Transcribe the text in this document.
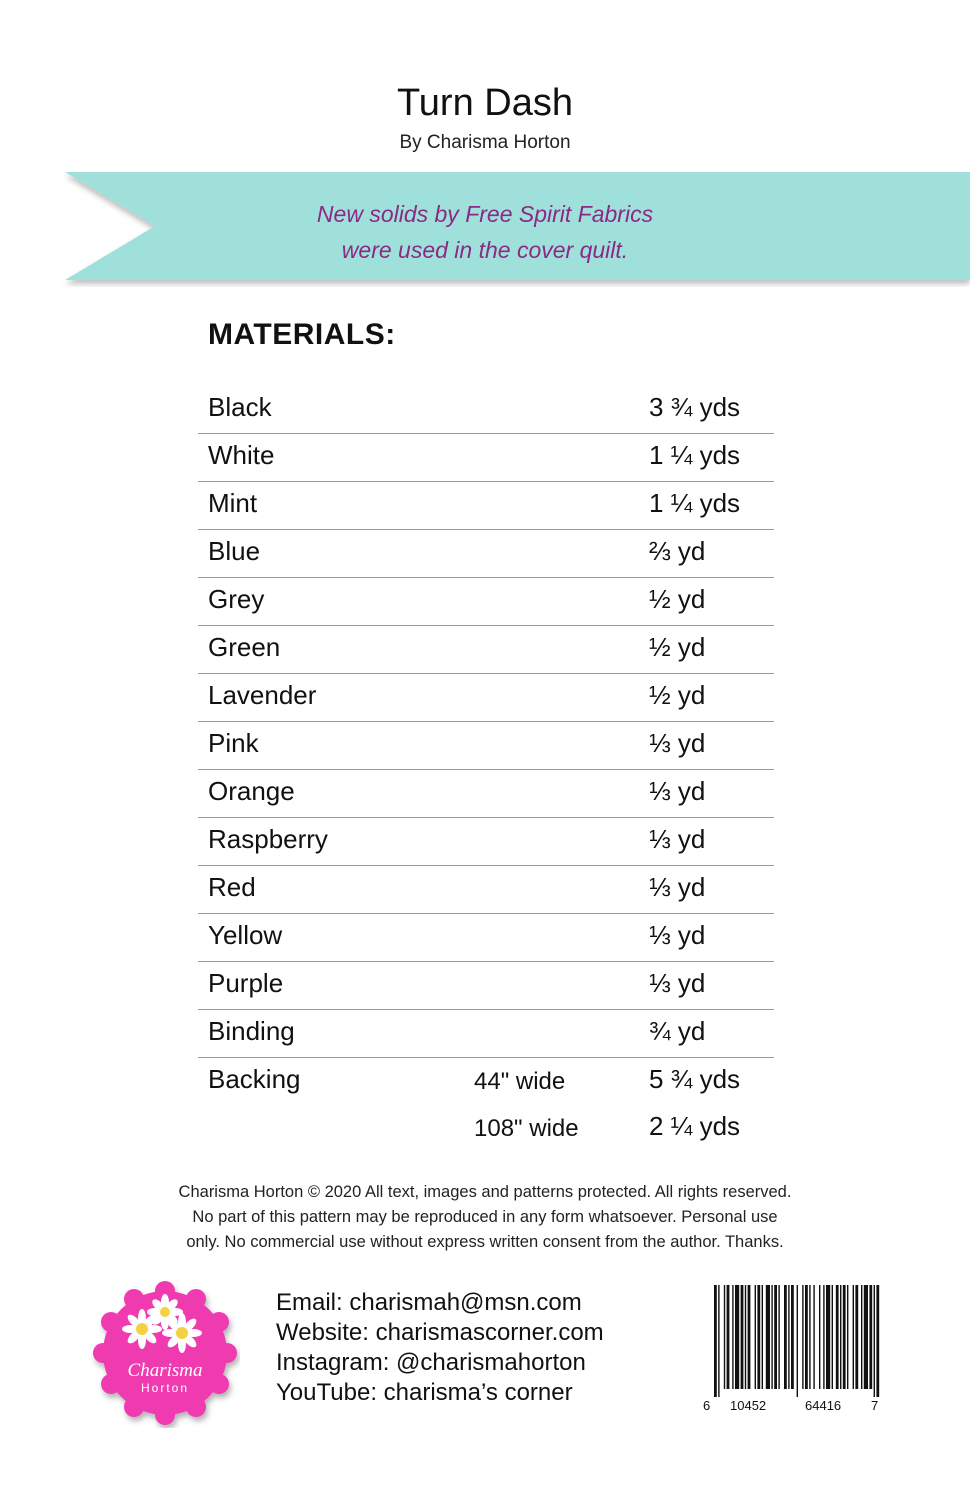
Turn Dash
By Charisma Horton
New solids by Free Spirit Fabrics
were used in the cover quilt.
MATERIALS:
Black	3 ¾ yds
White	1 ¼ yds
Mint	1 ¼ yds
Blue	⅔ yd
Grey	½ yd
Green	½ yd
Lavender	½ yd
Pink	⅓ yd
Orange	⅓ yd
Raspberry	⅓ yd
Red	⅓ yd
Yellow	⅓ yd
Purple	⅓ yd
Binding	¾ yd
Backing	44" wide	5 ¾ yds
108" wide	2 ¼ yds
Charisma Horton © 2020 All text, images and patterns protected. All rights reserved.
No part of this pattern may be reproduced in any form whatsoever. Personal use
only. No commercial use without express written consent from the author. Thanks.
Charisma
Horton
Email: charismah@msn.com
Website: charismascorner.com
Instagram: @charismahorton
YouTube: charisma’s corner	6 10452	64416 7
